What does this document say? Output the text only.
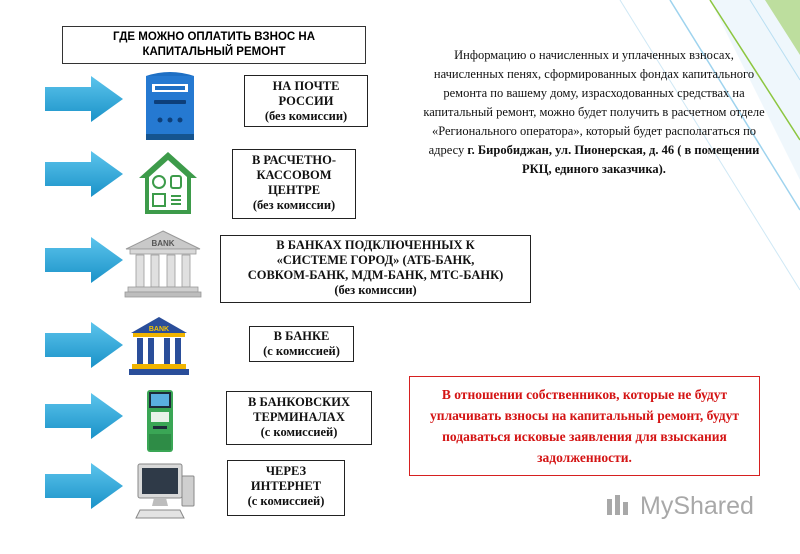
ГДЕ МОЖНО ОПЛАТИТЬ ВЗНОС НА
КАПИТАЛЬНЫЙ РЕМОНТ
BANK
BANK
НА ПОЧТЕ
РОССИИ
(без комиссии)
В РАСЧЕТНО-
КАССОВОМ
ЦЕНТРЕ
(без комиссии)
В БАНКАХ ПОДКЛЮЧЕННЫХ К
«СИСТЕМЕ ГОРОД» (АТБ-БАНК,
СОВКОМ-БАНК, МДМ-БАНК, МТС-БАНК)
(без комиссии)
В БАНКЕ
(с комиссией)
В БАНКОВСКИХ
ТЕРМИНАЛАХ
(с комиссией)
ЧЕРЕЗ
ИНТЕРНЕТ
(с комиссией)
Информацию о начисленных и уплаченных взносах, начисленных пенях, сформированных фондах капитального ремонта по вашему дому, израсходованных средствах на капитальный ремонт, можно будет получить в расчетном отделе «Регионального оператора», который будет располагаться по адресу г. Биробиджан, ул. Пионерская, д. 46 ( в помещении РКЦ, единого заказчика).
В отношении собственников, которые не будут уплачивать взносы на капитальный ремонт, будут подаваться исковые заявления для взыскания задолженности.
MyShared
